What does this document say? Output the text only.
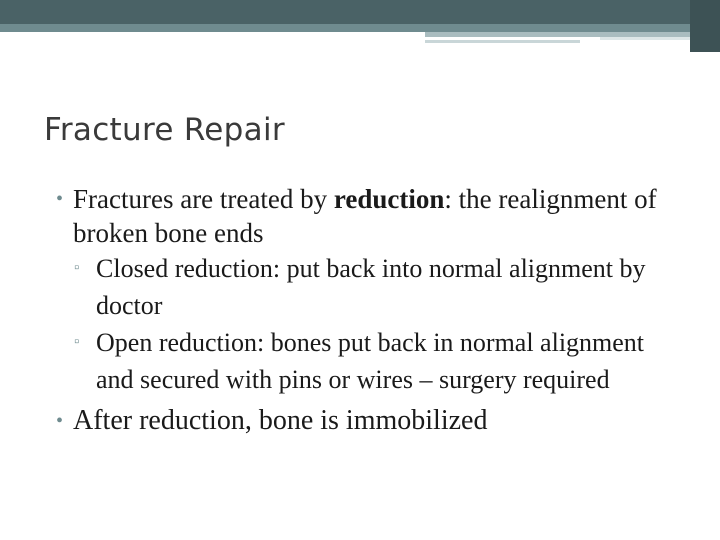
Fracture Repair
• Fractures are treated by reduction: the realignment of broken bone ends
▫ Closed reduction: put back into normal alignment by doctor
▫ Open reduction: bones put back in normal alignment and secured with pins or wires – surgery required
• After reduction, bone is immobilized
